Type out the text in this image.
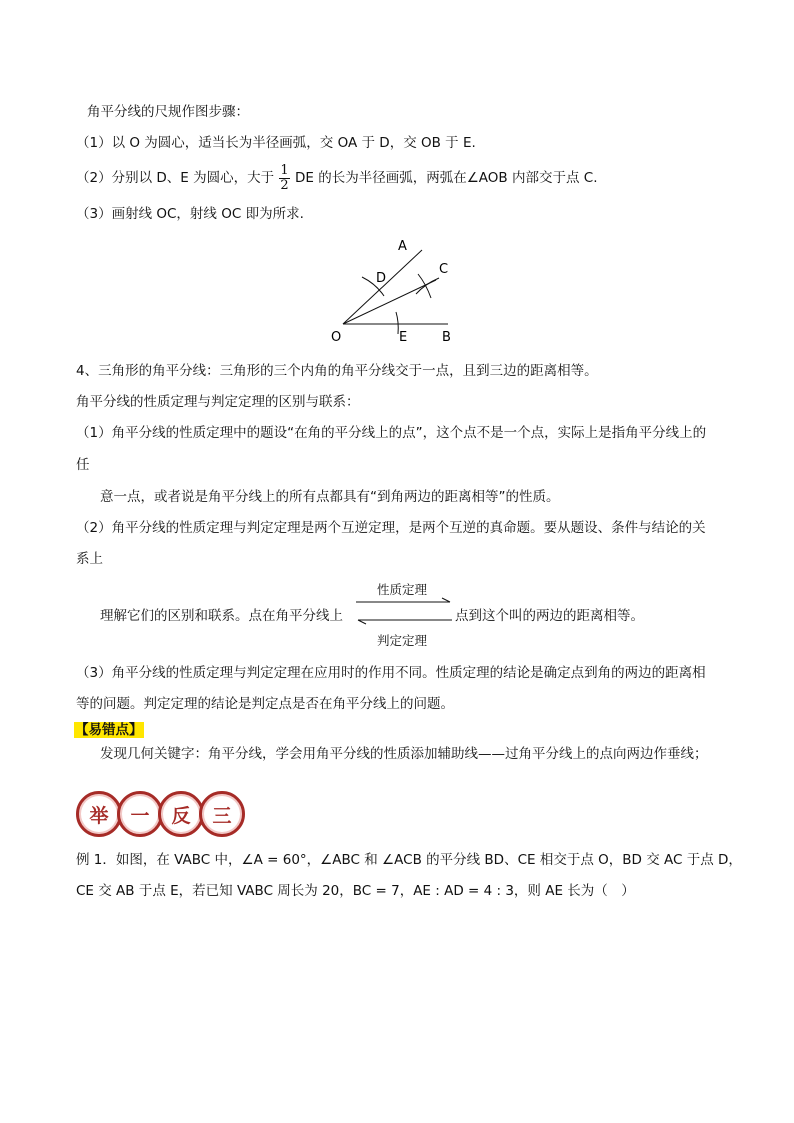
角平分线的尺规作图步骤：
（1）以 O 为圆心，适当长为半径画弧，交 OA 于 D，交 OB 于 E.
（2）分别以 D、E 为圆心，大于 $\frac{1}{2}$ DE 的长为半径画弧，两弧在∠AOB 内部交于点 C.
（3）画射线 OC，射线 OC 即为所求.
A
C
D
E
O	B
4、三角形的角平分线：三角形的三个内角的角平分线交于一点，且到三边的距离相等。
角平分线的性质定理与判定定理的区别与联系：
（1）角平分线的性质定理中的题设“在角的平分线上的点”，这个点不是一个点，实际上是指角平分线上的
任
意一点，或者说是角平分线上的所有点都具有“到角两边的距离相等”的性质。
（2）角平分线的性质定理与判定定理是两个互逆定理，是两个互逆的真命题。要从题设、条件与结论的关
系上
理解它们的区别和联系。点在角平分线上
性质定理
判定定理
点到这个叫的两边的距离相等。
（3）角平分线的性质定理与判定定理在应用时的作用不同。性质定理的结论是确定点到角的两边的距离相
等的问题。判定定理的结论是判定点是否在角平分线上的问题。
【易错点】
发现几何关键字：角平分线，学会用角平分线的性质添加辅助线——过角平分线上的点向两边作垂线；
举	一	反	三
例 1．如图，在 VABC 中，∠A = 60°，∠ABC 和 ∠ACB 的平分线 BD、CE 相交于点 O，BD 交 AC 于点 D，
CE 交 AB 于点 E，若已知 VABC 周长为 20，BC = 7，AE : AD = 4 : 3，则 AE 长为（　）
